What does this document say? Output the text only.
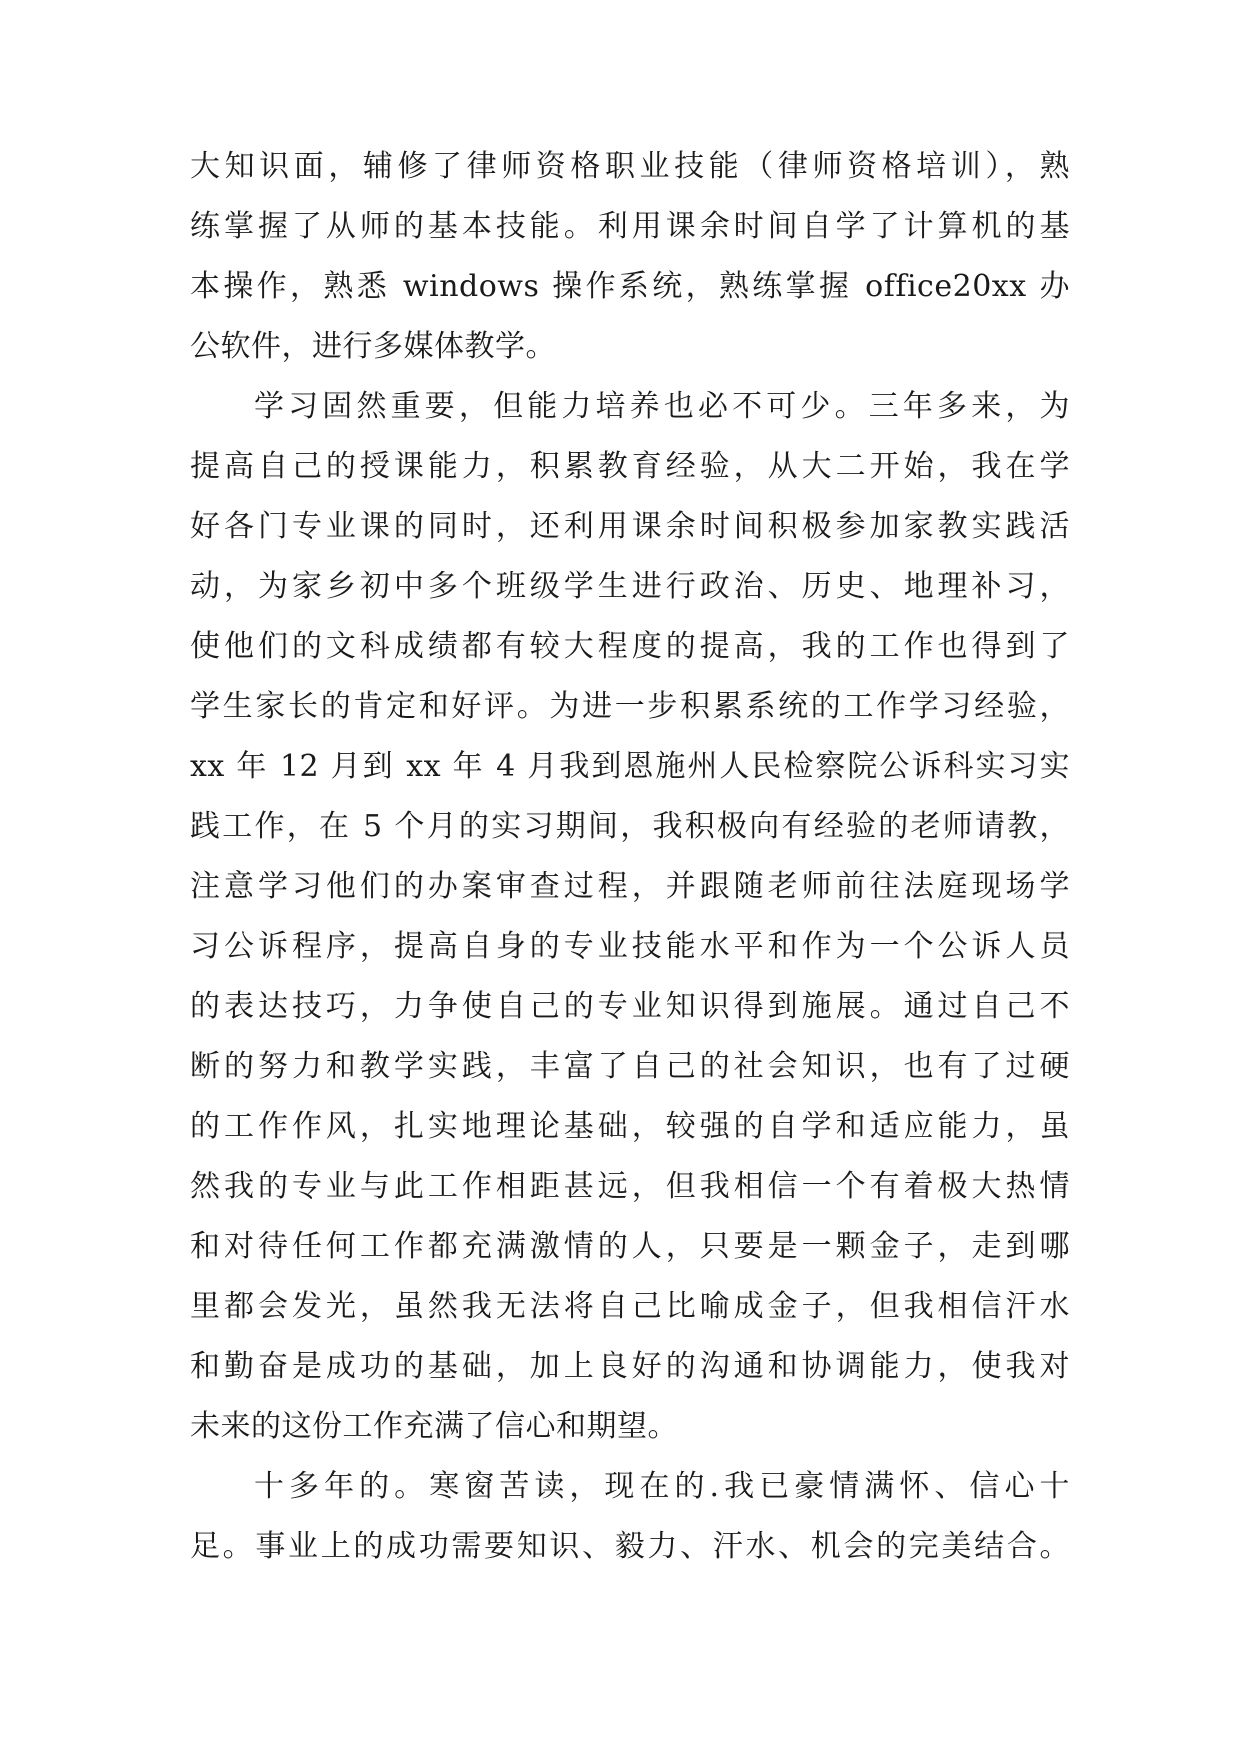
大知识面，辅修了律师资格职业技能（律师资格培训），熟
练掌握了从师的基本技能。利用课余时间自学了计算机的基
本操作，熟悉 windows 操作系统，熟练掌握 office20xx 办
公软件，进行多媒体教学。
学习固然重要，但能力培养也必不可少。三年多来，为
提高自己的授课能力，积累教育经验，从大二开始，我在学
好各门专业课的同时，还利用课余时间积极参加家教实践活
动，为家乡初中多个班级学生进行政治、历史、地理补习，
使他们的文科成绩都有较大程度的提高，我的工作也得到了
学生家长的肯定和好评。为进一步积累系统的工作学习经验，
xx 年 12 月到 xx 年 4 月我到恩施州人民检察院公诉科实习实
践工作，在 5 个月的实习期间，我积极向有经验的老师请教，
注意学习他们的办案审查过程，并跟随老师前往法庭现场学
习公诉程序，提高自身的专业技能水平和作为一个公诉人员
的表达技巧，力争使自己的专业知识得到施展。通过自己不
断的努力和教学实践，丰富了自己的社会知识，也有了过硬
的工作作风，扎实地理论基础，较强的自学和适应能力，虽
然我的专业与此工作相距甚远，但我相信一个有着极大热情
和对待任何工作都充满激情的人，只要是一颗金子，走到哪
里都会发光，虽然我无法将自己比喻成金子，但我相信汗水
和勤奋是成功的基础，加上良好的沟通和协调能力，使我对
未来的这份工作充满了信心和期望。
十多年的。寒窗苦读，现在的.我已豪情满怀、信心十
足。事业上的成功需要知识、毅力、汗水、机会的完美结合。
